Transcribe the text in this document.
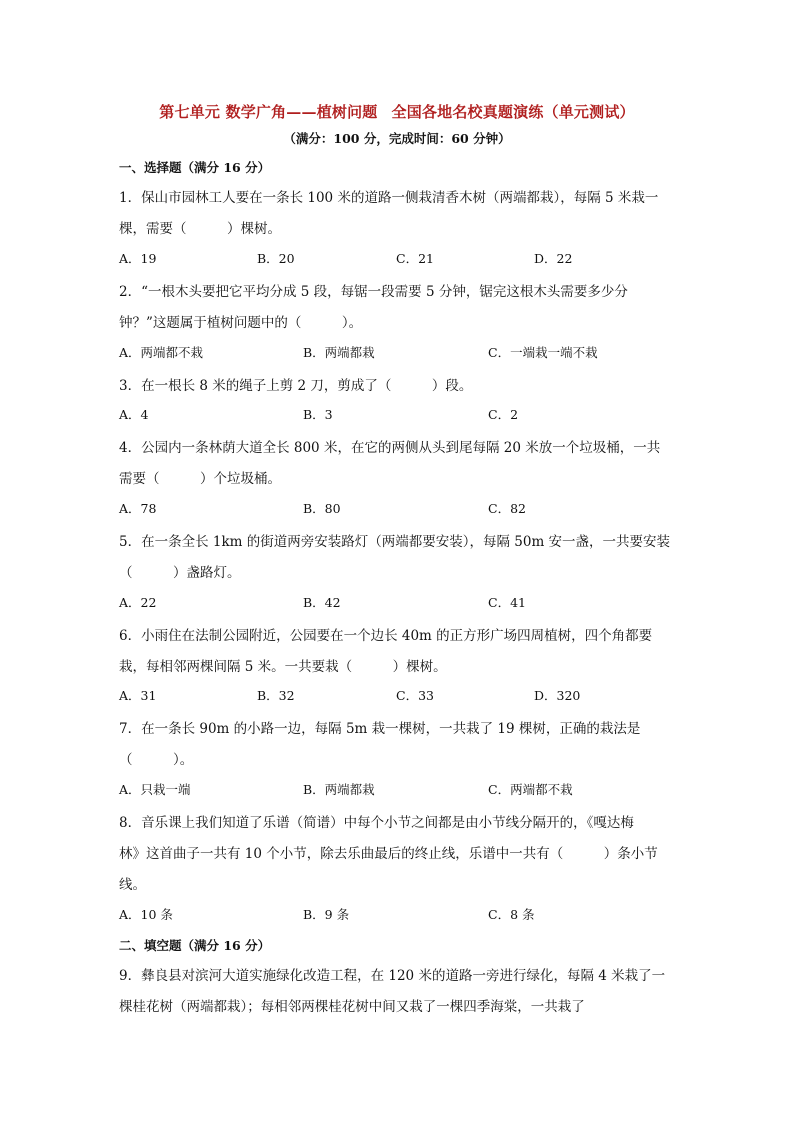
第七单元 数学广角——植树问题 全国各地名校真题演练（单元测试）
（满分：100 分，完成时间：60 分钟）
一、选择题（满分 16 分）
1．保山市园林工人要在一条长 100 米的道路一侧栽清香木树（两端都栽），每隔 5 米栽一
棵，需要（　　　）棵树。
A．19	B．20	C．21	D．22
2．“一根木头要把它平均分成 5 段，每锯一段需要 5 分钟，锯完这根木头需要多少分
钟？”这题属于植树问题中的（　　　）。
A．两端都不栽	B．两端都栽	C．一端栽一端不栽
3．在一根长 8 米的绳子上剪 2 刀，剪成了（　　　）段。
A．4	B．3	C．2
4．公园内一条林荫大道全长 800 米，在它的两侧从头到尾每隔 20 米放一个垃圾桶，一共
需要（　　　）个垃圾桶。
A．78	B．80	C．82
5．在一条全长 1km 的街道两旁安装路灯（两端都要安装），每隔 50m 安一盏，一共要安装
（　　　）盏路灯。
A．22	B．42	C．41
6．小雨住在法制公园附近，公园要在一个边长 40m 的正方形广场四周植树，四个角都要
栽，每相邻两棵间隔 5 米。一共要栽（　　　）棵树。
A．31	B．32	C．33	D．320
7．在一条长 90m 的小路一边，每隔 5m 栽一棵树，一共栽了 19 棵树，正确的栽法是
（　　　）。
A．只栽一端	B．两端都栽	C．两端都不栽
8．音乐课上我们知道了乐谱（简谱）中每个小节之间都是由小节线分隔开的，《嘎达梅
林》这首曲子一共有 10 个小节，除去乐曲最后的终止线，乐谱中一共有（　　　）条小节
线。
A．10 条	B．9 条	C．8 条
二、填空题（满分 16 分）
9．彝良县对滨河大道实施绿化改造工程，在 120 米的道路一旁进行绿化，每隔 4 米栽了一
棵桂花树（两端都栽）；每相邻两棵桂花树中间又栽了一棵四季海棠，一共栽了
